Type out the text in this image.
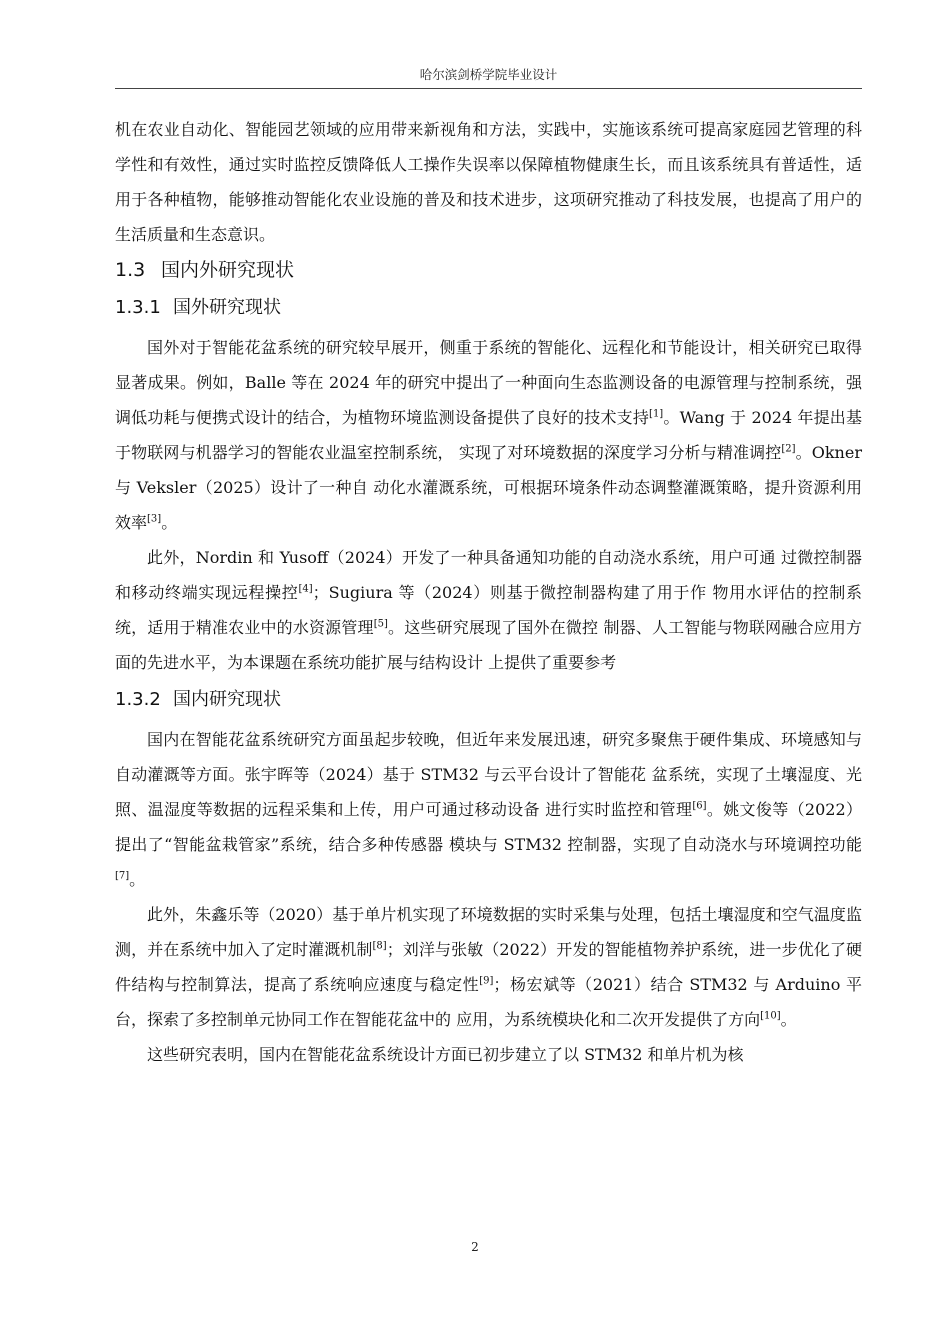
哈尔滨剑桥学院毕业设计

机在农业自动化、智能园艺领域的应用带来新视角和方法，实践中，实施该系统可提高家庭园艺管理的科学性和有效性，通过实时监控反馈降低人工操作失误率以保障植物健康生长，而且该系统具有普适性，适用于各种植物，能够推动智能化农业设施的普及和技术进步，这项研究推动了科技发展，也提高了用户的生活质量和生态意识。

1.3 国内外研究现状
1.3.1 国外研究现状

国外对于智能花盆系统的研究较早展开，侧重于系统的智能化、远程化和节能设计，相关研究已取得显著成果。例如，Balle 等在 2024 年的研究中提出了一种面向生态监测设备的电源管理与控制系统，强调低功耗与便携式设计的结合，为植物环境监测设备提供了良好的技术支持[1]。Wang 于 2024 年提出基于物联网与机器学习的智能农业温室控制系统， 实现了对环境数据的深度学习分析与精准调控[2]。Okner 与 Veksler（2025）设计了一种自 动化水灌溉系统，可根据环境条件动态调整灌溉策略，提升资源利用效率[3]。

此外，Nordin 和 Yusoff（2024）开发了一种具备通知功能的自动浇水系统，用户可通 过微控制器和移动终端实现远程操控[4]；Sugiura 等（2024）则基于微控制器构建了用于作 物用水评估的控制系统，适用于精准农业中的水资源管理[5]。这些研究展现了国外在微控 制器、人工智能与物联网融合应用方面的先进水平，为本课题在系统功能扩展与结构设计 上提供了重要参考

1.3.2 国内研究现状

国内在智能花盆系统研究方面虽起步较晚，但近年来发展迅速，研究多聚焦于硬件集成、环境感知与自动灌溉等方面。张宇晖等（2024）基于 STM32 与云平台设计了智能花 盆系统，实现了土壤湿度、光照、温湿度等数据的远程采集和上传，用户可通过移动设备 进行实时监控和管理[6]。姚文俊等（2022）提出了“智能盆栽管家”系统，结合多种传感器 模块与 STM32 控制器，实现了自动浇水与环境调控功能[7]。

此外，朱鑫乐等（2020）基于单片机实现了环境数据的实时采集与处理，包括土壤湿度和空气温度监测，并在系统中加入了定时灌溉机制[8]；刘洋与张敏（2022）开发的智能植物养护系统，进一步优化了硬件结构与控制算法，提高了系统响应速度与稳定性[9]；杨宏斌等（2021）结合 STM32 与 Arduino 平台，探索了多控制单元协同工作在智能花盆中的 应用，为系统模块化和二次开发提供了方向[10]。

这些研究表明，国内在智能花盆系统设计方面已初步建立了以 STM32 和单片机为核

2
